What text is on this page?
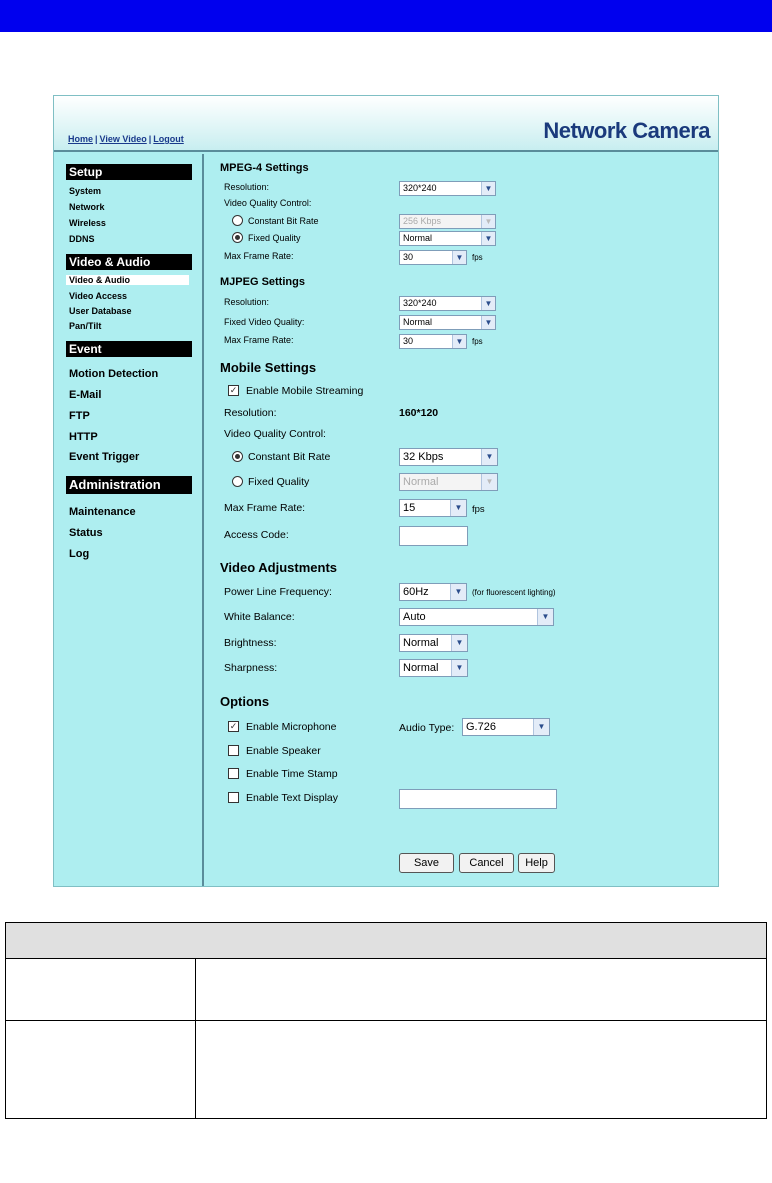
Home | View Video | Logout	Network Camera
Setup
System
Network
Wireless
DDNS
Video & Audio
Video & Audio
Video Access
User Database
Pan/Tilt
Event
Motion Detection
E-Mail
FTP
HTTP
Event Trigger
Administration
Maintenance
Status
Log
MPEG-4 Settings
Resolution:	320*240	▼
Video Quality Control:
Constant Bit Rate	256 Kbps	▼
Fixed Quality	Normal	▼
Max Frame Rate:	30	▼	fps
MJPEG Settings
Resolution:	320*240	▼
Fixed Video Quality:	Normal	▼
Max Frame Rate:	30	▼	fps
Mobile Settings
✓ Enable Mobile Streaming
Resolution:	160*120
Video Quality Control:
Constant Bit Rate	32 Kbps	▼
Fixed Quality	Normal	▼
Max Frame Rate:	15	▼	fps
Access Code:
Video Adjustments
Power Line Frequency:	60Hz	▼	(for fluorescent lighting)
White Balance:	Auto	▼
Brightness:	Normal	▼
Sharpness:	Normal	▼
Options
✓ Enable Microphone	Audio Type:	G.726	▼
Enable Speaker
Enable Time Stamp
Enable Text Display
Save	Cancel	Help
